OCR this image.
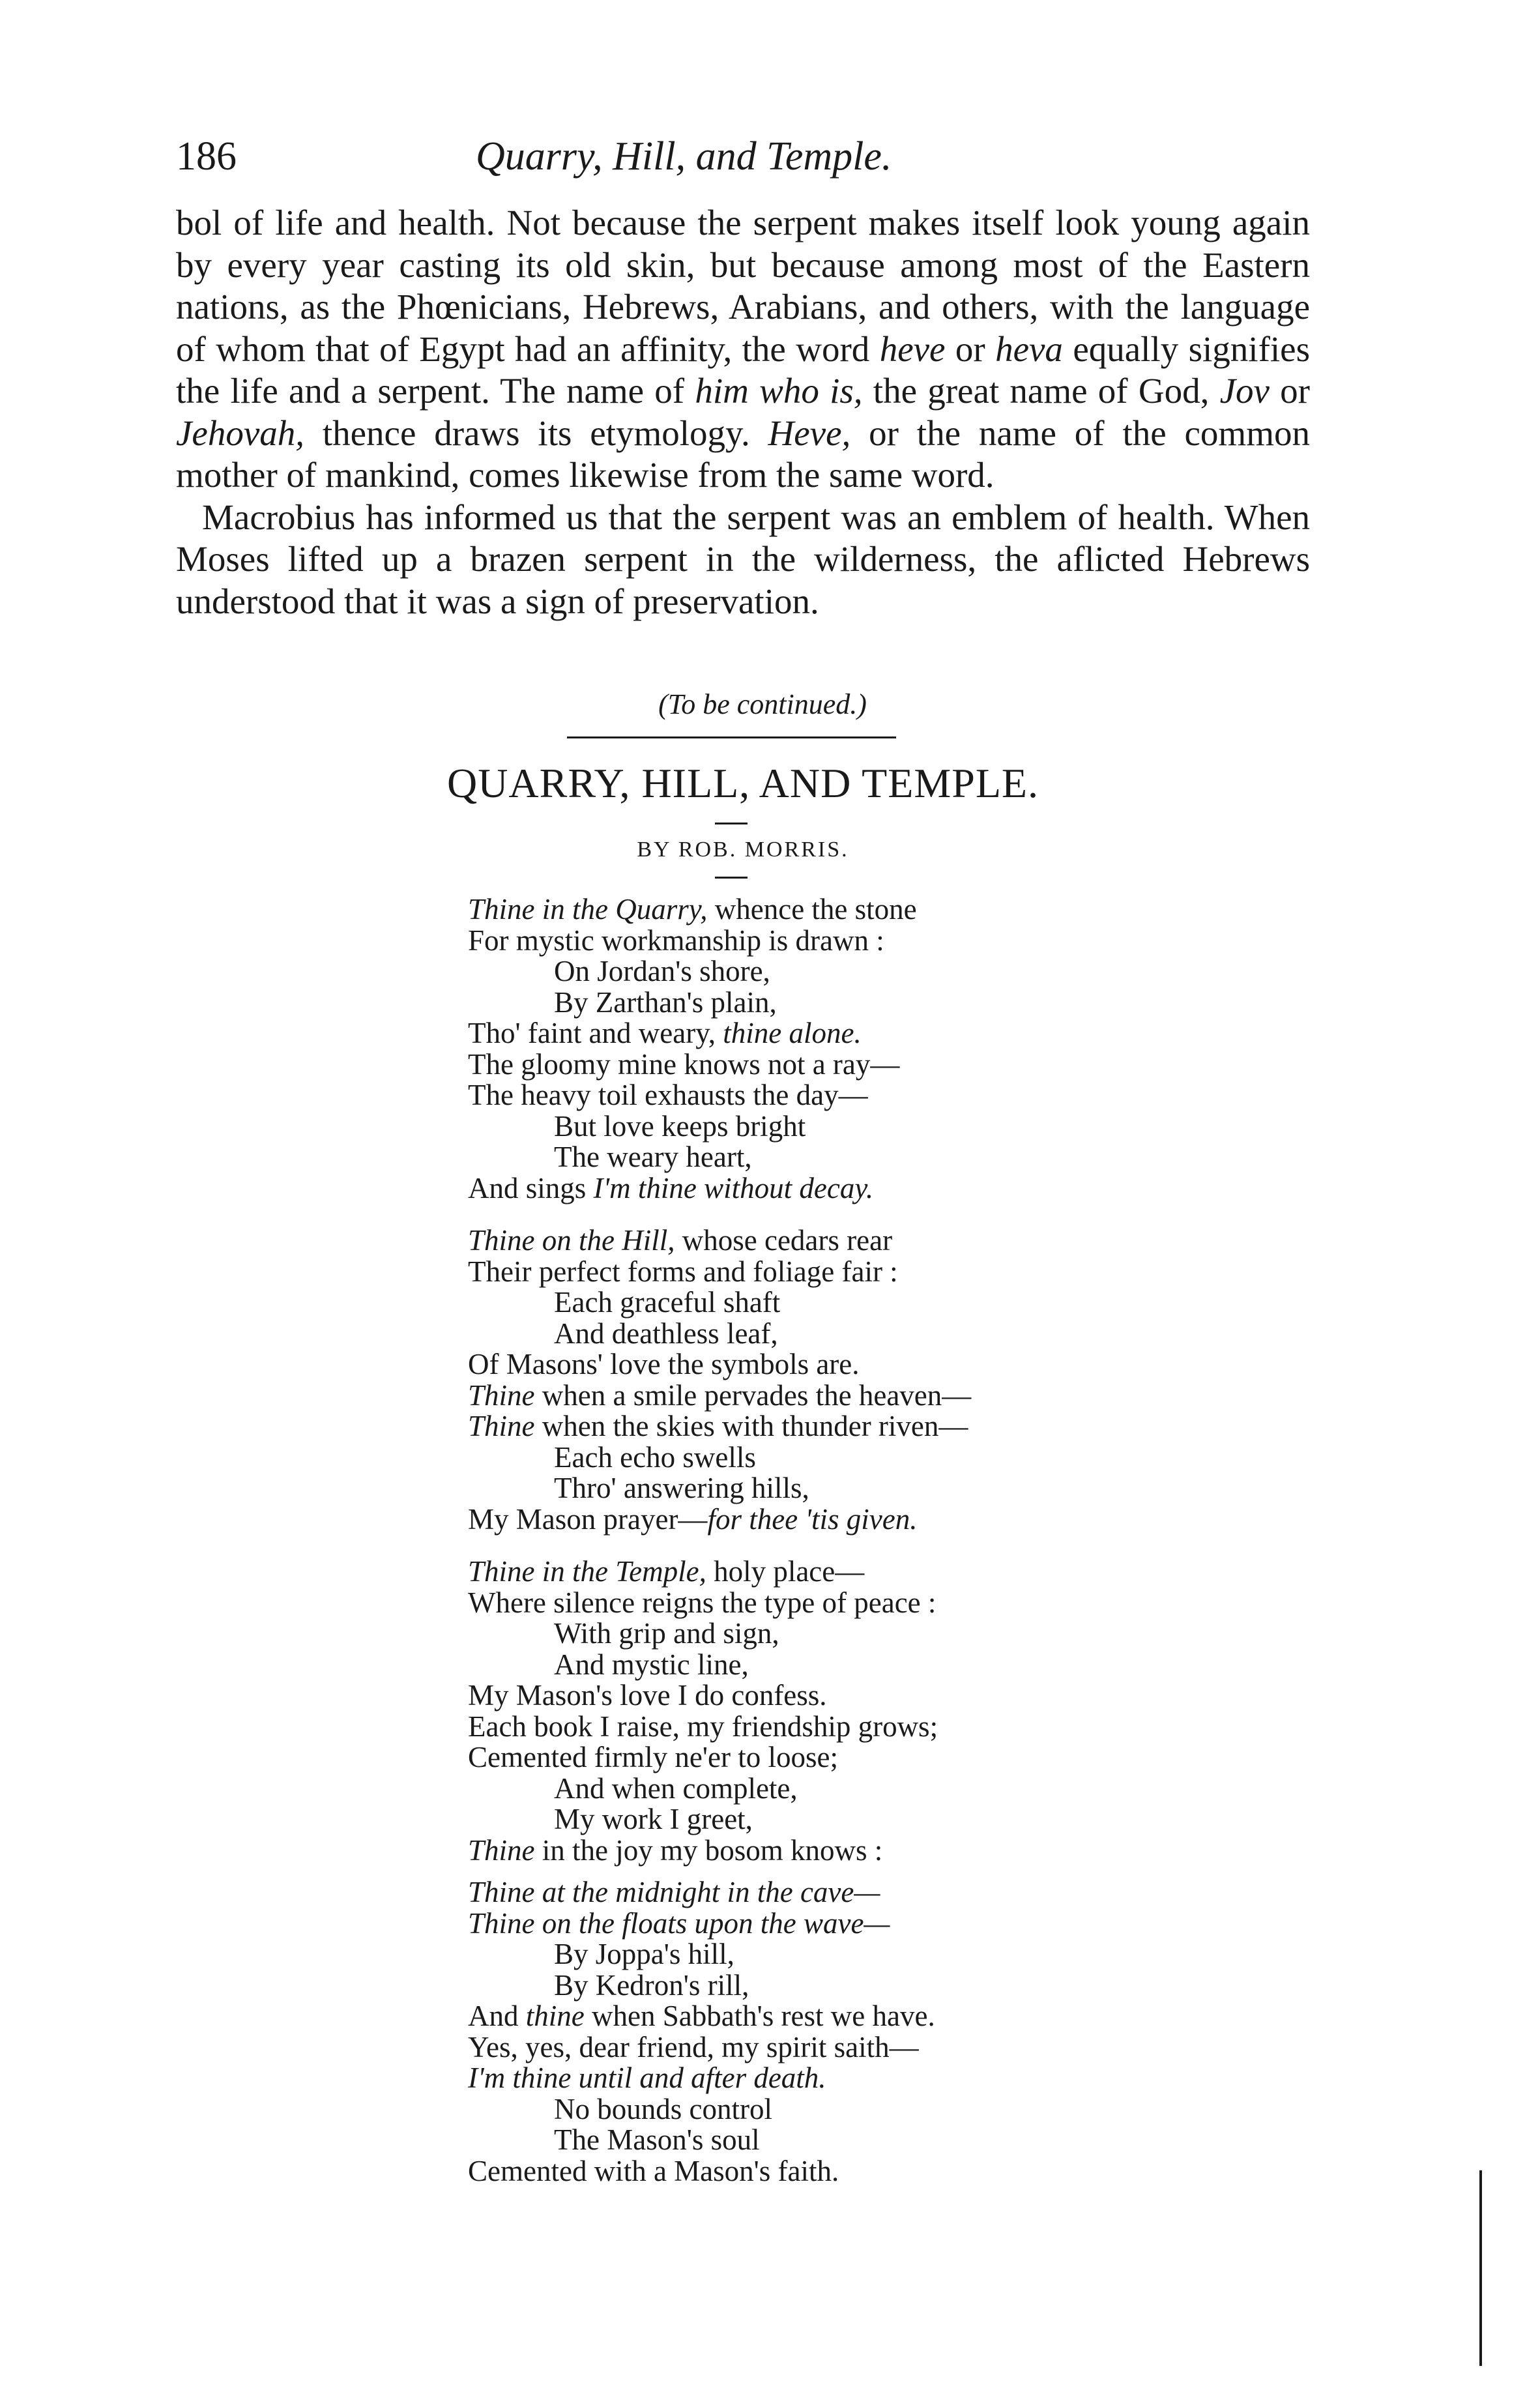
186	Quarry, Hill, and Temple.

bol of life and health. Not because the serpent makes itself look young again by every year casting its old skin, but because among most of the Eastern nations, as the Phœnicians, Hebrews, Arabians, and others, with the language of whom that of Egypt had an affinity, the word heve or heva equally signifies the life and a serpent. The name of him who is, the great name of God, Jov or Jehovah, thence draws its etymology. Heve, or the name of the common mother of mankind, comes likewise from the same word.

Macrobius has informed us that the serpent was an emblem of health. When Moses lifted up a brazen serpent in the wilderness, the aflicted Hebrews understood that it was a sign of preservation.

(To be continued.)
QUARRY, HILL, AND TEMPLE.
BY ROB. MORRIS.
Thine in the Quarry, whence the stone
For mystic workmanship is drawn :
On Jordan's shore,
By Zarthan's plain,
Tho' faint and weary, thine alone.
The gloomy mine knows not a ray—
The heavy toil exhausts the day—
But love keeps bright
The weary heart,
And sings I'm thine without decay.
Thine on the Hill, whose cedars rear
Their perfect forms and foliage fair :
Each graceful shaft
And deathless leaf,
Of Masons' love the symbols are.
Thine when a smile pervades the heaven—
Thine when the skies with thunder riven—
Each echo swells
Thro' answering hills,
My Mason prayer—for thee 'tis given.
Thine in the Temple, holy place—
Where silence reigns the type of peace :
With grip and sign,
And mystic line,
My Mason's love I do confess.
Each book I raise, my friendship grows;
Cemented firmly ne'er to loose;
And when complete,
My work I greet,
Thine in the joy my bosom knows :
Thine at the midnight in the cave—
Thine on the floats upon the wave—
By Joppa's hill,
By Kedron's rill,
And thine when Sabbath's rest we have.
Yes, yes, dear friend, my spirit saith—
I'm thine until and after death.
No bounds control
The Mason's soul
Cemented with a Mason's faith.
